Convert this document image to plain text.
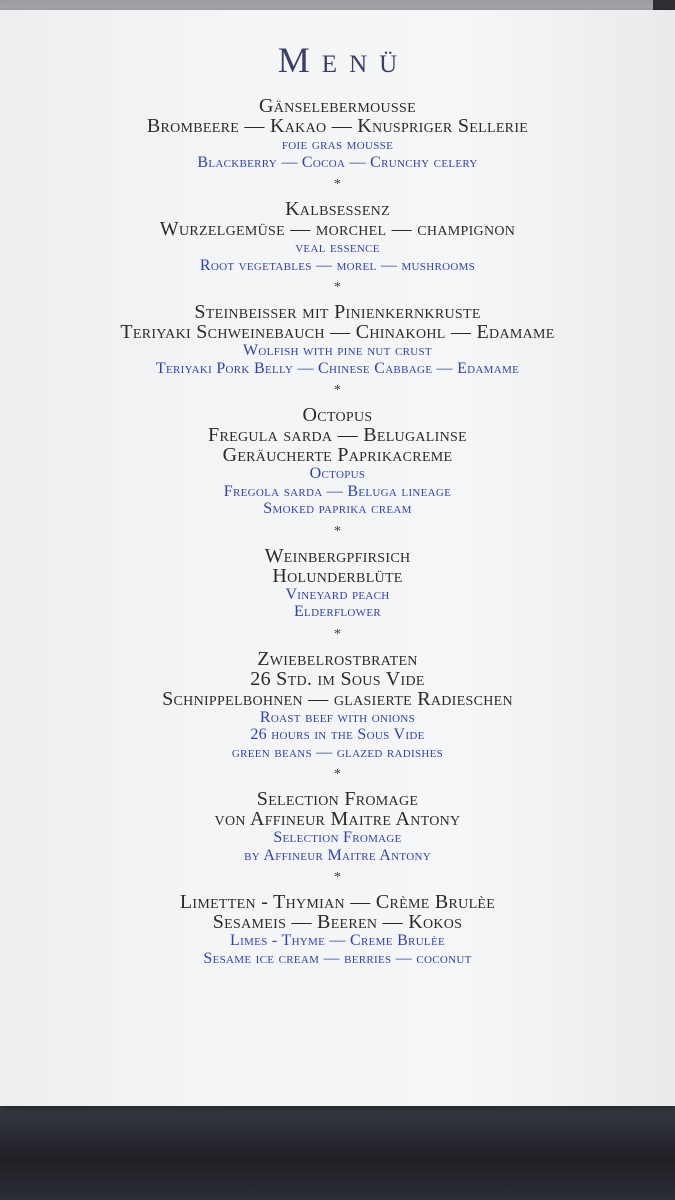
Menü
Gänselebermousse
Brombeere — Kakao — Knuspriger Sellerie
foie gras mousse
Blackberry — Cocoa — Crunchy celery
*
Kalbsessenz
Wurzelgemüse — morchel — champignon
veal essence
Root vegetables — morel — mushrooms
*
Steinbeisser mit Pinienkernkruste
Teriyaki Schweinebauch — Chinakohl — Edamame
Wolfish with pine nut crust
Teriyaki Pork Belly — Chinese Cabbage — Edamame
*
Octopus
Fregula sarda — Belugalinse
Geräucherte Paprikacreme
Octopus
Fregola sarda — Beluga lineage
Smoked paprika cream
*
Weinbergpfirsich
Holunderblüte
Vineyard peach
Elderflower
*
Zwiebelrostbraten
26 Std. im Sous Vide
Schnippelbohnen — glasierte Radieschen
Roast beef with onions
26 hours in the Sous Vide
green beans — glazed radishes
*
Selection Fromage
von Affineur Maitre Antony
Selection Fromage
by Affineur Maitre Antony
*
Limetten - Thymian — Crème Brulèe
Sesameis — Beeren — Kokos
Limes - Thyme — Creme Brulèe
Sesame ice cream — berries — coconut
